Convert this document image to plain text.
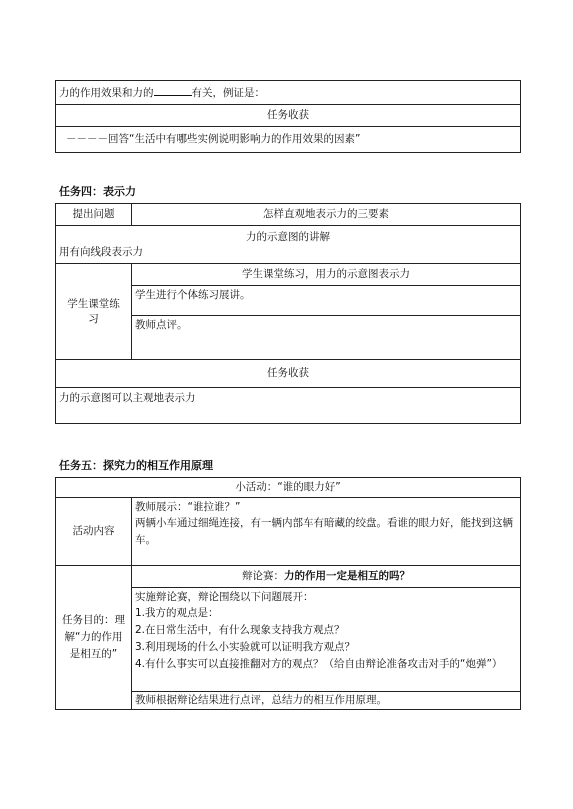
力的作用效果和力的	有关，例证是：
任务收获
－－－－回答“生活中有哪些实例说明影响力的作用效果的因素”
任务四：表示力
提出问题	怎样直观地表示力的三要素

力的示意图的讲解
用有向线段表示力	

学生课堂练习	学生课堂练习，用力的示意图表示力
	学生进行个体练习展讲。
	教师点评。
任务收获	
力的示意图可以主观地表示力	
任务五：探究力的相互作用原理
小活动：“谁的眼力好”	
活动内容	教师展示：“谁拉谁？”
两辆小车通过细绳连接，有一辆内部车有暗藏的绞盘。看谁的眼力好，能找到这辆车。

任务目的：理解“力的作用是相互的”	辩论赛：力的作用一定是相互的吗？

	实施辩论赛，辩论围绕以下问题展开：
1.我方的观点是：
2.在日常生活中，有什么现象支持我方观点？
3.利用现场的什么小实验就可以证明我方观点？
4.有什么事实可以直接推翻对方的观点？（给自由辩论准备攻击对手的“炮弹”）

	教师根据辩论结果进行点评，总结力的相互作用原理。
